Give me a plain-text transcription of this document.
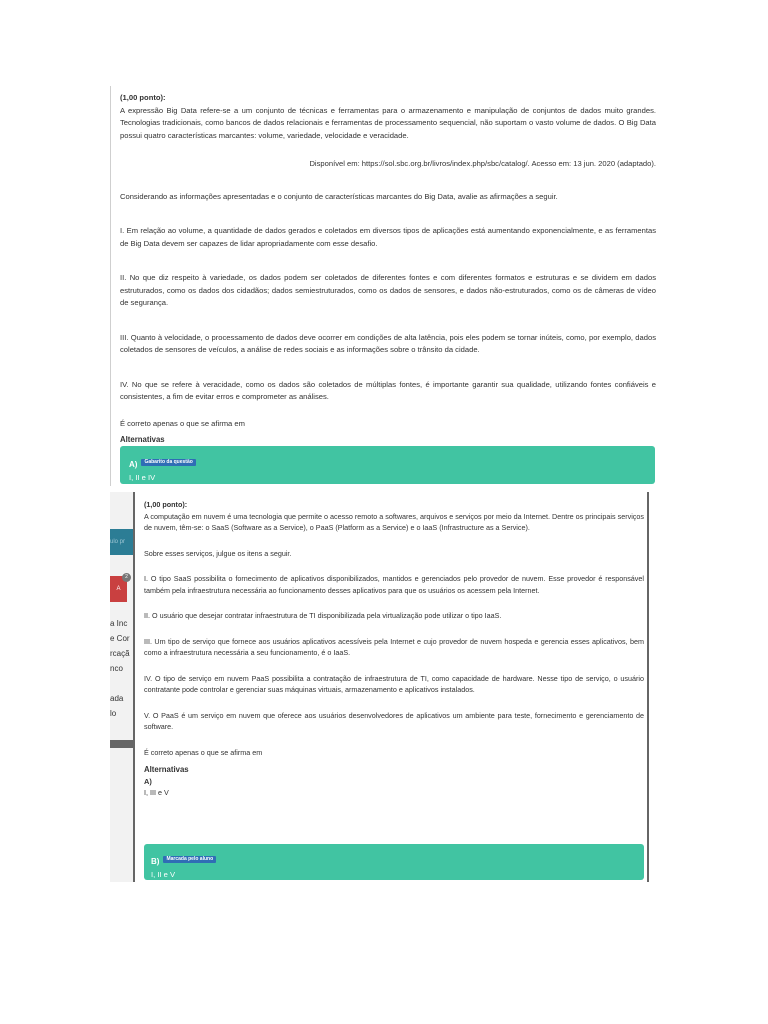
(1,00 ponto):

A expressão Big Data refere-se a um conjunto de técnicas e ferramentas para o armazenamento e manipulação de conjuntos de dados muito grandes. Tecnologias tradicionais, como bancos de dados relacionais e ferramentas de processamento sequencial, não suportam o vasto volume de dados. O Big Data possui quatro características marcantes: volume, variedade, velocidade e veracidade.

Disponível em: https://sol.sbc.org.br/livros/index.php/sbc/catalog/. Acesso em: 13 jun. 2020 (adaptado).

Considerando as informações apresentadas e o conjunto de características marcantes do Big Data, avalie as afirmações a seguir.

I. Em relação ao volume, a quantidade de dados gerados e coletados em diversos tipos de aplicações está aumentando exponencialmente, e as ferramentas de Big Data devem ser capazes de lidar apropriadamente com esse desafio.

II. No que diz respeito à variedade, os dados podem ser coletados de diferentes fontes e com diferentes formatos e estruturas e se dividem em dados estruturados, como os dados dos cidadãos; dados semiestruturados, como os dados de sensores, e dados não-estruturados, como os de câmeras de vídeo de segurança.

III. Quanto à velocidade, o processamento de dados deve ocorrer em condições de alta latência, pois eles podem se tornar inúteis, como, por exemplo, dados coletados de sensores de veículos, a análise de redes sociais e as informações sobre o trânsito da cidade.

IV. No que se refere à veracidade, como os dados são coletados de múltiplas fontes, é importante garantir sua qualidade, utilizando fontes confiáveis e consistentes, a fim de evitar erros e comprometer as análises.

É correto apenas o que se afirma em

Alternativas

A) Gabarito da questão
I, II e IV
ulo pr
A
2
a Inc
e Cor
rcaçã
nco

ada
lo

(1,00 ponto):

A computação em nuvem é uma tecnologia que permite o acesso remoto a softwares, arquivos e serviços por meio da Internet. Dentre os principais serviços de nuvem, têm-se: o SaaS (Software as a Service), o PaaS (Platform as a Service) e o IaaS (Infrastructure as a Service).

Sobre esses serviços, julgue os itens a seguir.

I. O tipo SaaS possibilita o fornecimento de aplicativos disponibilizados, mantidos e gerenciados pelo provedor de nuvem. Esse provedor é responsável também pela infraestrutura necessária ao funcionamento desses aplicativos para que os usuários os acessem pela Internet.

II. O usuário que desejar contratar infraestrutura de TI disponibilizada pela virtualização pode utilizar o tipo IaaS.

III. Um tipo de serviço que fornece aos usuários aplicativos acessíveis pela Internet e cujo provedor de nuvem hospeda e gerencia esses aplicativos, bem como a infraestrutura necessária a seu funcionamento, é o IaaS.

IV. O tipo de serviço em nuvem PaaS possibilita a contratação de infraestrutura de TI, como capacidade de hardware. Nesse tipo de serviço, o usuário contratante pode controlar e gerenciar suas máquinas virtuais, armazenamento e aplicativos instalados.

V. O PaaS é um serviço em nuvem que oferece aos usuários desenvolvedores de aplicativos um ambiente para teste, fornecimento e gerenciamento de software.

É correto apenas o que se afirma em

Alternativas

A)
I, III e V
B) Marcada pelo aluno
I, II e V
